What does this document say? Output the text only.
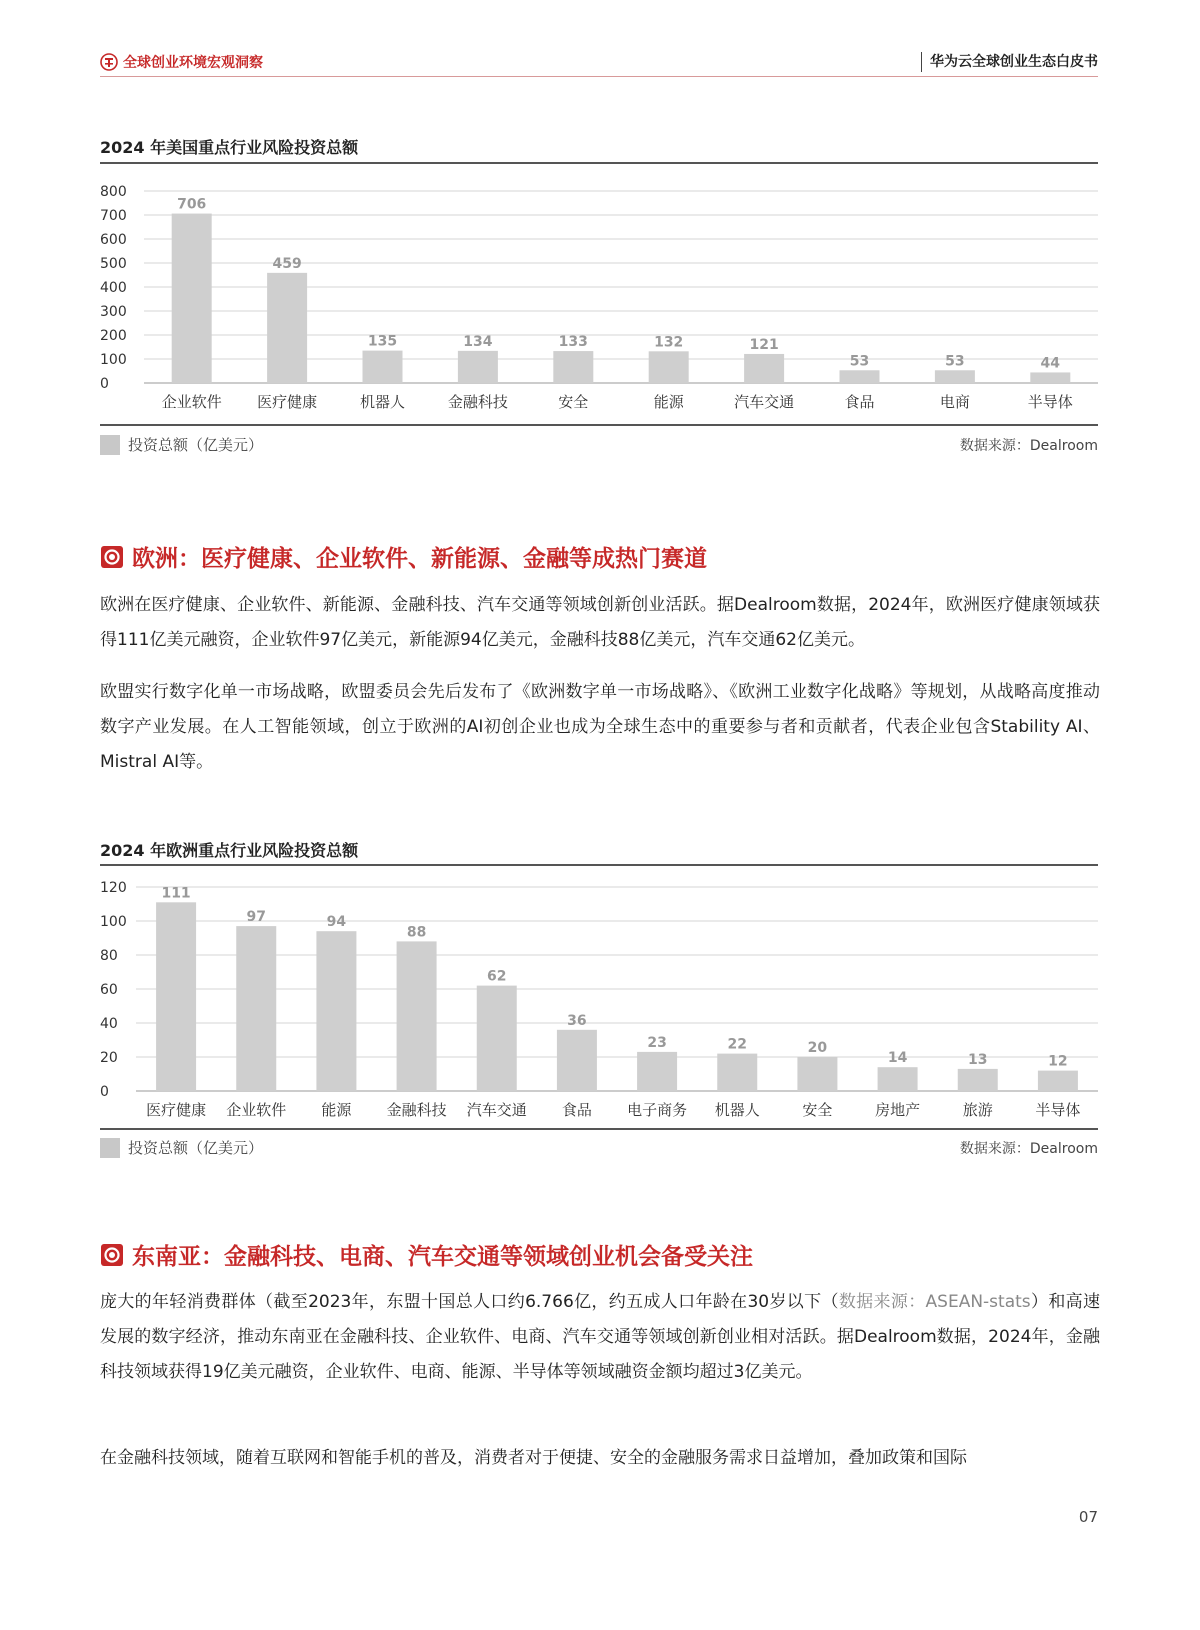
全球创业环境宏观洞察	华为云全球创业生态白皮书
2024 年美国重点行业风险投资总额
0
100
200
300
400
500
600
700
800
706
企业软件
459
医疗健康
135
机器人
134
金融科技
133
安全
132
能源
121
汽车交通
53
食品
53
电商
44
半导体
投资总额（亿美元）	数据来源：Dealroom
欧洲：医疗健康、企业软件、新能源、金融等成热门赛道

欧洲在医疗健康、企业软件、新能源、金融科技、汽车交通等领域创新创业活跃。据Dealroom数据，2024年，欧洲医疗健康领域获得111亿美元融资，企业软件97亿美元，新能源94亿美元，金融科技88亿美元，汽车交通62亿美元。

欧盟实行数字化单一市场战略，欧盟委员会先后发布了《欧洲数字单一市场战略》、《欧洲工业数字化战略》等规划，从战略高度推动数字产业发展。在人工智能领域，创立于欧洲的AI初创企业也成为全球生态中的重要参与者和贡献者，代表企业包含Stability AI、Mistral AI等。

2024 年欧洲重点行业风险投资总额
0
20
40
60
80
100
120 111
医疗健康
97
企业软件
94
能源
88
金融科技
62
汽车交通
36
食品
23
电子商务
22
机器人
20
安全
14
房地产
13
旅游
12
半导体
投资总额（亿美元）	数据来源：Dealroom
东南亚：金融科技、电商、汽车交通等领域创业机会备受关注

庞大的年轻消费群体（截至2023年，东盟十国总人口约6.766亿，约五成人口年龄在30岁以下（数据来源：ASEAN-stats）和高速发展的数字经济，推动东南亚在金融科技、企业软件、电商、汽车交通等领域创新创业相对活跃。据Dealroom数据，2024年，金融科技领域获得19亿美元融资，企业软件、电商、能源、半导体等领域融资金额均超过3亿美元。

在金融科技领域，随着互联网和智能手机的普及，消费者对于便捷、安全的金融服务需求日益增加，叠加政策和国际

07
